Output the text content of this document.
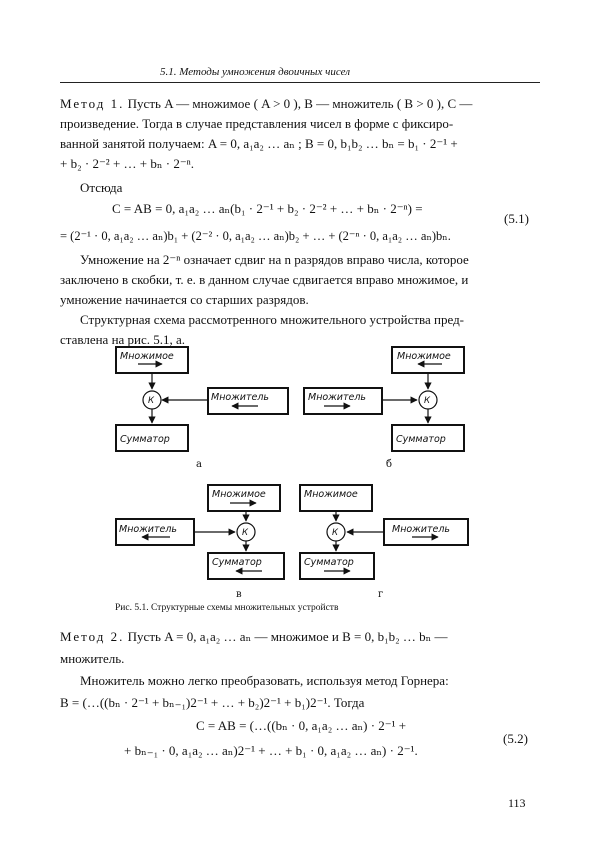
5.1. Методы умножения двоичных чисел
Метод 1. Пусть A — множимое ( A > 0 ), B — множитель ( B > 0 ), C —
произведение. Тогда в случае представления чисел в форме с фиксиро-
ванной занятой получаем: A = 0, a₁a₂ … aₙ ; B = 0, b₁b₂ … bₙ = b₁ · 2⁻¹ +
+ b₂ · 2⁻² + … + bₙ · 2⁻ⁿ.
Отсюда
C = AB = 0, a₁a₂ … aₙ(b₁ · 2⁻¹ + b₂ · 2⁻² + … + bₙ · 2⁻ⁿ) =
= (2⁻¹ · 0, a₁a₂ … aₙ)b₁ + (2⁻² · 0, a₁a₂ … aₙ)b₂ + … + (2⁻ⁿ · 0, a₁a₂ … aₙ)bₙ.
(5.1)
Умножение на 2⁻ⁿ означает сдвиг на n разрядов вправо числа, которое
заключено в скобки, т. е. в данном случае сдвигается вправо множимое, и
умножение начинается со старших разрядов.
Структурная схема рассмотренного множительного устройства пред-
ставлена на рис. 5.1, а.
Множимое
Множитель
Сумматор
К
а
Множимое
Множитель
Сумматор
К
б
Множимое
Множитель
Сумматор
К
в
Множимое
Множитель
Сумматор
К
г
Рис. 5.1. Структурные схемы множительных устройств
Метод 2. Пусть A = 0, a₁a₂ … aₙ — множимое и B = 0, b₁b₂ … bₙ —
множитель.
Множитель можно легко преобразовать, используя метод Горнера:
B = (…((bₙ · 2⁻¹ + bₙ₋₁)2⁻¹ + … + b₂)2⁻¹ + b₁)2⁻¹. Тогда
C = AB = (…((bₙ · 0, a₁a₂ … aₙ) · 2⁻¹ +
+ bₙ₋₁ · 0, a₁a₂ … aₙ)2⁻¹ + … + b₁ · 0, a₁a₂ … aₙ) · 2⁻¹.
(5.2)
113
